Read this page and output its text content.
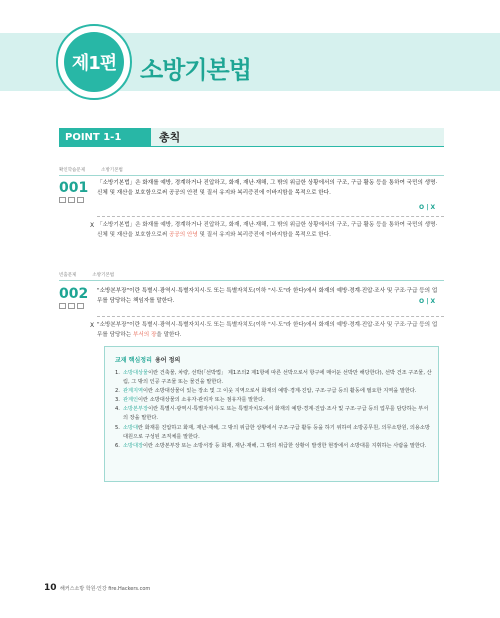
제1편 소방기본법
POINT 1-1	총칙
확인학습문제	소방기본법
001 「소방기본법」은 화재를 예방, 경계하거나 진압하고, 화재, 재난·재해, 그 밖의 위급한 상황에서의 구조, 구급 활동 등을 통하여 국민의 생명·신체 및 재산을 보호함으로써 공공의 안전 및 질서 유지와 복리증진에 이바지함을 목적으로 한다.
O | X
X 「소방기본법」은 화재를 예방, 경계하거나 진압하고, 화재, 재난·재해, 그 밖의 위급한 상황에서의 구조, 구급 활동 등을 통하여 국민의 생명·신체 및 재산을 보호함으로써 공공의 안녕 및 질서 유지와 복리증진에 이바지함을 목적으로 한다.
빈출문제	소방기본법
002 "소방본부장"이란 특별시·광역시·특별자치시·도 또는 특별자치도(이하 "시·도"라 한다)에서 화재의 예방·경계·진압·조사 및 구조·구급 등의 업무를 담당하는 책임자를 말한다.	O | X
X "소방본부장"이란 특별시·광역시·특별자치시·도 또는 특별자치도(이하 "시·도"라 한다)에서 화재의 예방·경계·진압·조사 및 구조·구급 등의 업무를 담당하는 부서의 장을 말한다.
교재 핵심정리 용어 정의
1. 소방대상물이란 건축물, 차량, 선박(「선박법」 제1조의2 제1항에 따른 선박으로서 항구에 매어둔 선박만 해당한다), 선박 건조 구조물, 산림, 그 밖의 인공 구조물 또는 물건을 말한다.
2. 관계지역이란 소방대상물이 있는 장소 및 그 이웃 지역으로서 화재의 예방·경계·진압, 구조·구급 등의 활동에 필요한 지역을 말한다.
3. 관계인이란 소방대상물의 소유자·관리자 또는 점유자를 말한다.
4. 소방본부장이란 특별시·광역시·특별자치시·도 또는 특별자치도에서 화재의 예방·경계·진압·조사 및 구조·구급 등의 업무를 담당하는 부서의 장을 말한다.
5. 소방대란 화재를 진압하고 화재, 재난·재해, 그 밖의 위급한 상황에서 구조·구급 활동 등을 하기 위하여 소방공무원, 의무소방원, 의용소방대원으로 구성된 조직체를 말한다.
6. 소방대장이란 소방본부장 또는 소방서장 등 화재, 재난·재해, 그 밖의 위급한 상황이 발생한 현장에서 소방대를 지휘하는 사람을 말한다.
10 해커스소방 학원·인강 fire.Hackers.com
